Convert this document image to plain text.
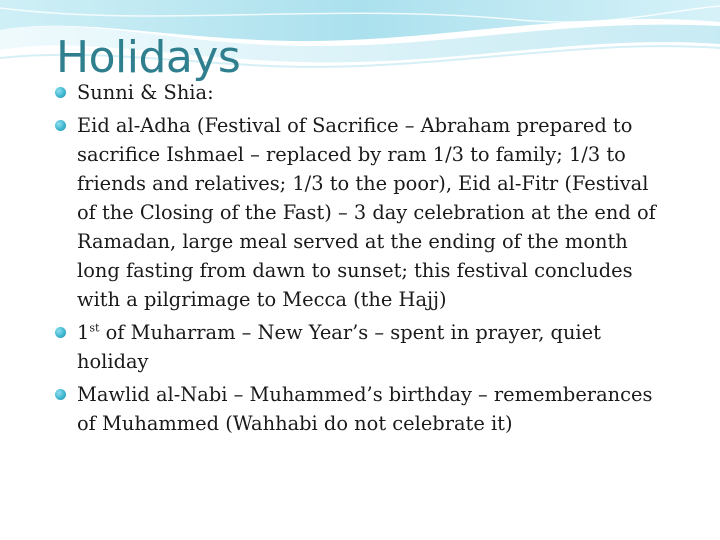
Holidays
Sunni & Shia:
Eid al-Adha (Festival of Sacrifice – Abraham prepared to sacrifice Ishmael – replaced by ram 1/3 to family; 1/3 to friends and relatives; 1/3 to the poor), Eid al-Fitr (Festival of the Closing of the Fast) – 3 day celebration at the end of Ramadan, large meal served at the ending of the month long fasting from dawn to sunset; this festival concludes with a pilgrimage to Mecca (the Hajj)
1st of Muharram – New Year’s – spent in prayer, quiet holiday
Mawlid al-Nabi – Muhammed’s birthday – rememberances of Muhammed (Wahhabi do not celebrate it)
